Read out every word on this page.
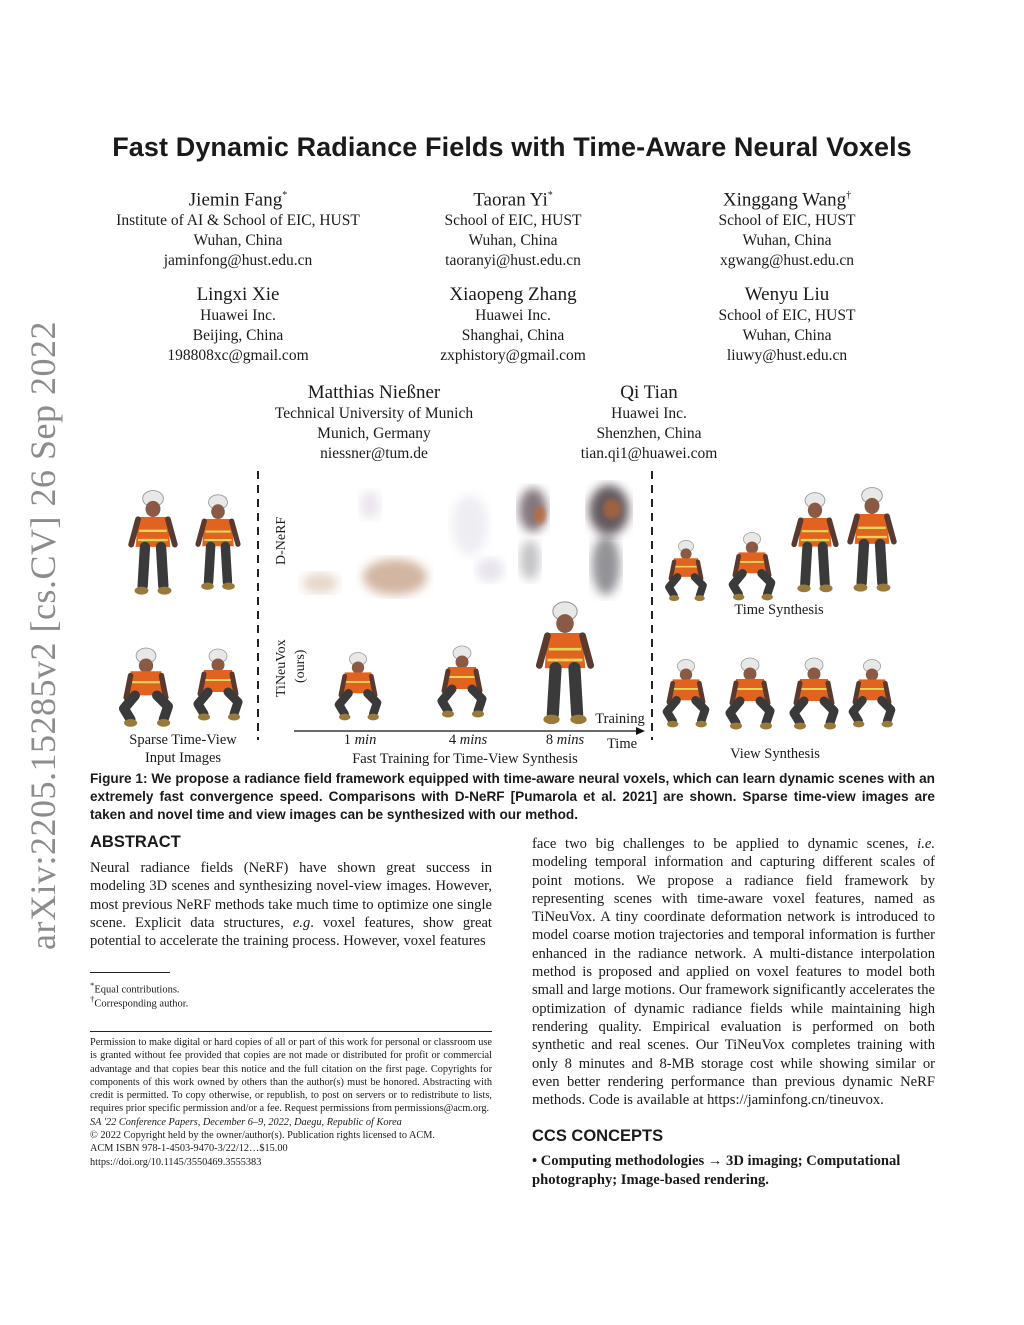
arXiv:2205.15285v2 [cs.CV] 26 Sep 2022
Fast Dynamic Radiance Fields with Time-Aware Neural Voxels
Jiemin Fang*
Institute of AI & School of EIC, HUST
Wuhan, China
jaminfong@hust.edu.cn
Taoran Yi*
School of EIC, HUST
Wuhan, China
taoranyi@hust.edu.cn
Xinggang Wang†
School of EIC, HUST
Wuhan, China
xgwang@hust.edu.cn
Lingxi Xie
Huawei Inc.
Beijing, China
198808xc@gmail.com
Xiaopeng Zhang
Huawei Inc.
Shanghai, China
zxphistory@gmail.com
Wenyu Liu
School of EIC, HUST
Wuhan, China
liuwy@hust.edu.cn
Matthias Nießner
Technical University of Munich
Munich, Germany
niessner@tum.de
Qi Tian
Huawei Inc.
Shenzhen, China
tian.qi1@huawei.com
D-NeRF
TiNeuVox (ours)
Sparse Time-View
Input Images
1 min	4 mins	8 mins
Fast Training for Time-View Synthesis
Training
Time
Time Synthesis
View Synthesis
Figure 1: We propose a radiance field framework equipped with time-aware neural voxels, which can learn dynamic scenes with an extremely fast convergence speed. Comparisons with D-NeRF [Pumarola et al. 2021] are shown. Sparse time-view images are taken and novel time and view images can be synthesized with our method.
ABSTRACT
Neural radiance fields (NeRF) have shown great success in modeling 3D scenes and synthesizing novel-view images. However, most previous NeRF methods take much time to optimize one single scene. Explicit data structures, e.g. voxel features, show great potential to accelerate the training process. However, voxel features
*Equal contributions.
†Corresponding author.
Permission to make digital or hard copies of all or part of this work for personal or classroom use is granted without fee provided that copies are not made or distributed for profit or commercial advantage and that copies bear this notice and the full citation on the first page. Copyrights for components of this work owned by others than the author(s) must be honored. Abstracting with credit is permitted. To copy otherwise, or republish, to post on servers or to redistribute to lists, requires prior specific permission and/or a fee. Request permissions from permissions@acm.org.
SA '22 Conference Papers, December 6–9, 2022, Daegu, Republic of Korea
© 2022 Copyright held by the owner/author(s). Publication rights licensed to ACM.
ACM ISBN 978-1-4503-9470-3/22/12…$15.00
https://doi.org/10.1145/3550469.3555383
face two big challenges to be applied to dynamic scenes, i.e. modeling temporal information and capturing different scales of point motions. We propose a radiance field framework by representing scenes with time-aware voxel features, named as TiNeuVox. A tiny coordinate deformation network is introduced to model coarse motion trajectories and temporal information is further enhanced in the radiance network. A multi-distance interpolation method is proposed and applied on voxel features to model both small and large motions. Our framework significantly accelerates the optimization of dynamic radiance fields while maintaining high rendering quality. Empirical evaluation is performed on both synthetic and real scenes. Our TiNeuVox completes training with only 8 minutes and 8-MB storage cost while showing similar or even better rendering performance than previous dynamic NeRF methods. Code is available at https://jaminfong.cn/tineuvox.
CCS CONCEPTS
• Computing methodologies → 3D imaging; Computational
photography; Image-based rendering.
